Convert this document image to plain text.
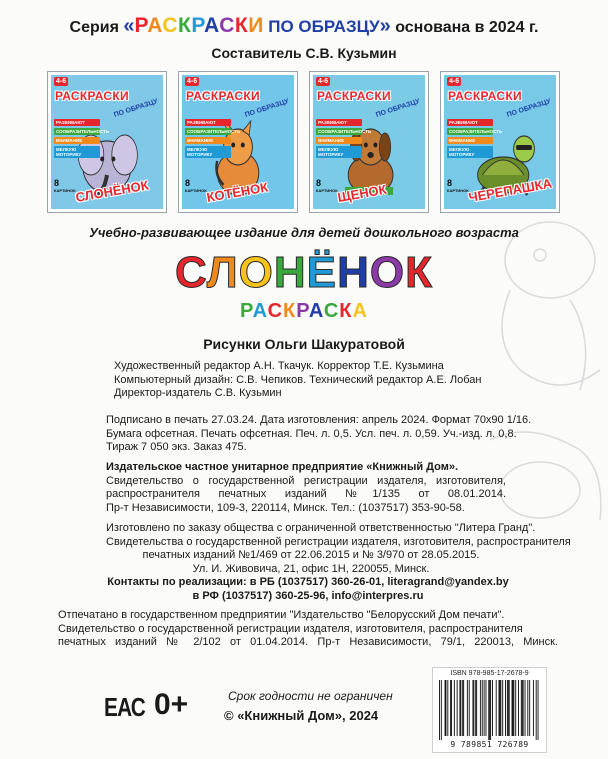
Серия «РАСКРАСКИ ПО ОБРАЗЦУ» основана в 2024 г.
Составитель С.В. Кузьмин
4-6
РАСКРАСКИ
ПО ОБРАЗЦУ
РАЗВИВАЮТ
СООБРАЗИТЕЛЬНОСТЬ
ВНИМАНИЕ
МЕЛКУЮ МОТОРИКУ
8
КАРТИНОК
СЛОНЁНОК
4-6
РАСКРАСКИ
ПО ОБРАЗЦУ
РАЗВИВАЮТ
СООБРАЗИТЕЛЬНОСТЬ
ВНИМАНИЕ
МЕЛКУЮ МОТОРИКУ
8
КАРТИНОК
КОТЁНОК
4-6
РАСКРАСКИ
ПО ОБРАЗЦУ
РАЗВИВАЮТ
СООБРАЗИТЕЛЬНОСТЬ
ВНИМАНИЕ
МЕЛКУЮ МОТОРИКУ
8
КАРТИНОК
ЩЕНОК
4-6
РАСКРАСКИ
ПО ОБРАЗЦУ
РАЗВИВАЮТ
СООБРАЗИТЕЛЬНОСТЬ
ВНИМАНИЕ
МЕЛКУЮ МОТОРИКУ
8
КАРТИНОК
ЧЕРЕПАШКА
Учебно-развивающее издание для детей дошкольного возраста
СЛОНЁНОК
РАСКРАСКА
Рисунки Ольги Шакуратовой
Художественный редактор А.Н. Ткачук. Корректор Т.Е. Кузьмина
Компьютерный дизайн: С.В. Чепиков. Технический редактор А.Е. Лобан
Директор-издатель С.В. Кузьмин
Подписано в печать 27.03.24. Дата изготовления: апрель 2024. Формат 70х90 1/16.
Бумага офсетная. Печать офсетная. Печ. л. 0,5. Усл. печ. л. 0,59. Уч.-изд. л. 0,8.
Тираж 7 050 экз. Заказ 475.
Издательское частное унитарное предприятие «Книжный Дом».
Свидетельство о государственной регистрации издателя, изготовителя,
распространителя печатных изданий №1/135 от 08.01.2014.
Пр-т Независимости, 109-3, 220114, Минск. Тел.: (1037517) 353-90-58.
Изготовлено по заказу общества с ограниченной ответственностью "Литера Гранд".
Свидетельства о государственной регистрации издателя, изготовителя, распространителя
печатных изданий №1/469 от 22.06.2015 и № 3/970 от 28.05.2015.
Ул. И. Живовича, 21, офис 1Н, 220055, Минск.
Контакты по реализации: в РБ (1037517) 360-26-01, literagrand@yandex.by
в РФ (1037517) 360-25-96, info@interpres.ru
Отпечатано в государственном предприятии "Издательство "Белорусский Дом печати".
Свидетельство о государственной регистрации издателя, изготовителя, распространителя
печатных изданий № 2/102 от 01.04.2014. Пр-т Независимости, 79/1, 220013, Минск.
ЕАС 0+	Срок годности не ограничен
© «Книжный Дом», 2024
ISBN 978-985-17-2678-9
9 789851 726789
